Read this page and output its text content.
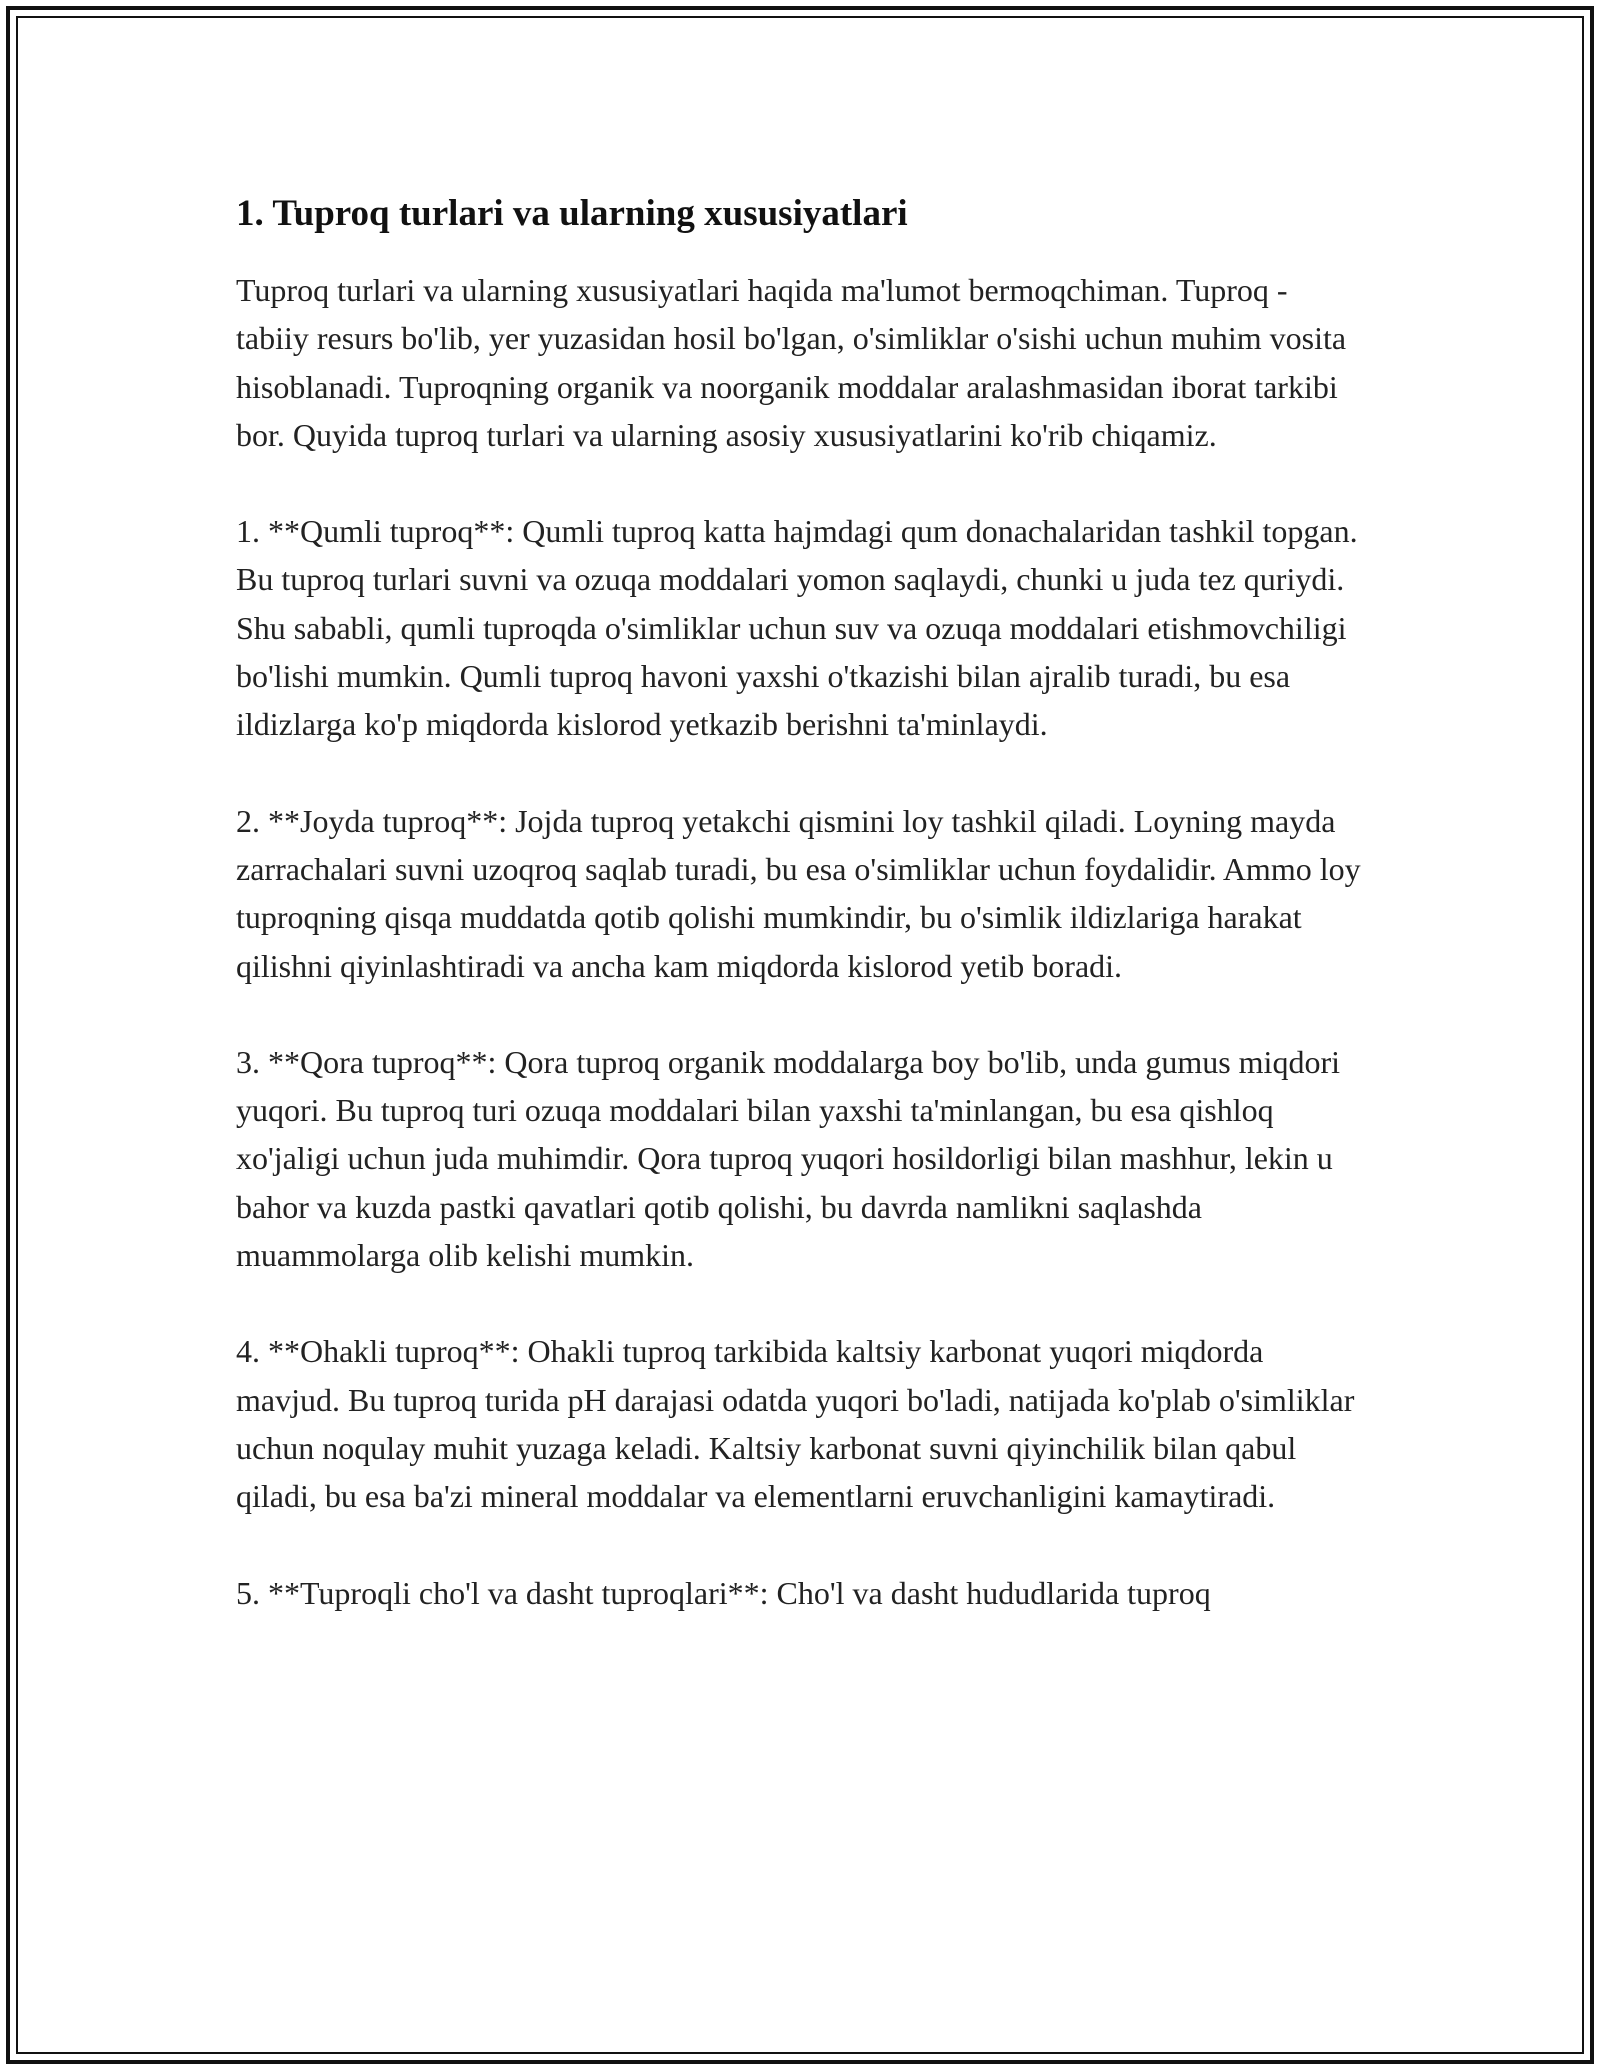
1. Tuproq turlari va ularning xususiyatlari

Tuproq turlari va ularning xususiyatlari haqida ma'lumot bermoqchiman. Tuproq - tabiiy resurs bo'lib, yer yuzasidan hosil bo'lgan, o'simliklar o'sishi uchun muhim vosita hisoblanadi. Tuproqning organik va noorganik moddalar aralashmasidan iborat tarkibi bor. Quyida tuproq turlari va ularning asosiy xususiyatlarini ko'rib chiqamiz.

1. **Qumli tuproq**: Qumli tuproq katta hajmdagi qum donachalaridan tashkil topgan. Bu tuproq turlari suvni va ozuqa moddalari yomon saqlaydi, chunki u juda tez quriydi. Shu sababli, qumli tuproqda o'simliklar uchun suv va ozuqa moddalari etishmovchiligi bo'lishi mumkin. Qumli tuproq havoni yaxshi o'tkazishi bilan ajralib turadi, bu esa ildizlarga ko'p miqdorda kislorod yetkazib berishni ta'minlaydi.

2. **Joyda tuproq**: Jojda tuproq yetakchi qismini loy tashkil qiladi. Loyning mayda zarrachalari suvni uzoqroq saqlab turadi, bu esa o'simliklar uchun foydalidir. Ammo loy tuproqning qisqa muddatda qotib qolishi mumkindir, bu o'simlik ildizlariga harakat qilishni qiyinlashtiradi va ancha kam miqdorda kislorod yetib boradi.

3. **Qora tuproq**: Qora tuproq organik moddalarga boy bo'lib, unda gumus miqdori yuqori. Bu tuproq turi ozuqa moddalari bilan yaxshi ta'minlangan, bu esa qishloq xo'jaligi uchun juda muhimdir. Qora tuproq yuqori hosildorligi bilan mashhur, lekin u bahor va kuzda pastki qavatlari qotib qolishi, bu davrda namlikni saqlashda muammolarga olib kelishi mumkin.

4. **Ohakli tuproq**: Ohakli tuproq tarkibida kaltsiy karbonat yuqori miqdorda mavjud. Bu tuproq turida pH darajasi odatda yuqori bo'ladi, natijada ko'plab o'simliklar uchun noqulay muhit yuzaga keladi. Kaltsiy karbonat suvni qiyinchilik bilan qabul qiladi, bu esa ba'zi mineral moddalar va elementlarni eruvchanligini kamaytiradi.

5. **Tuproqli cho'l va dasht tuproqlari**: Cho'l va dasht hududlarida tuproq
